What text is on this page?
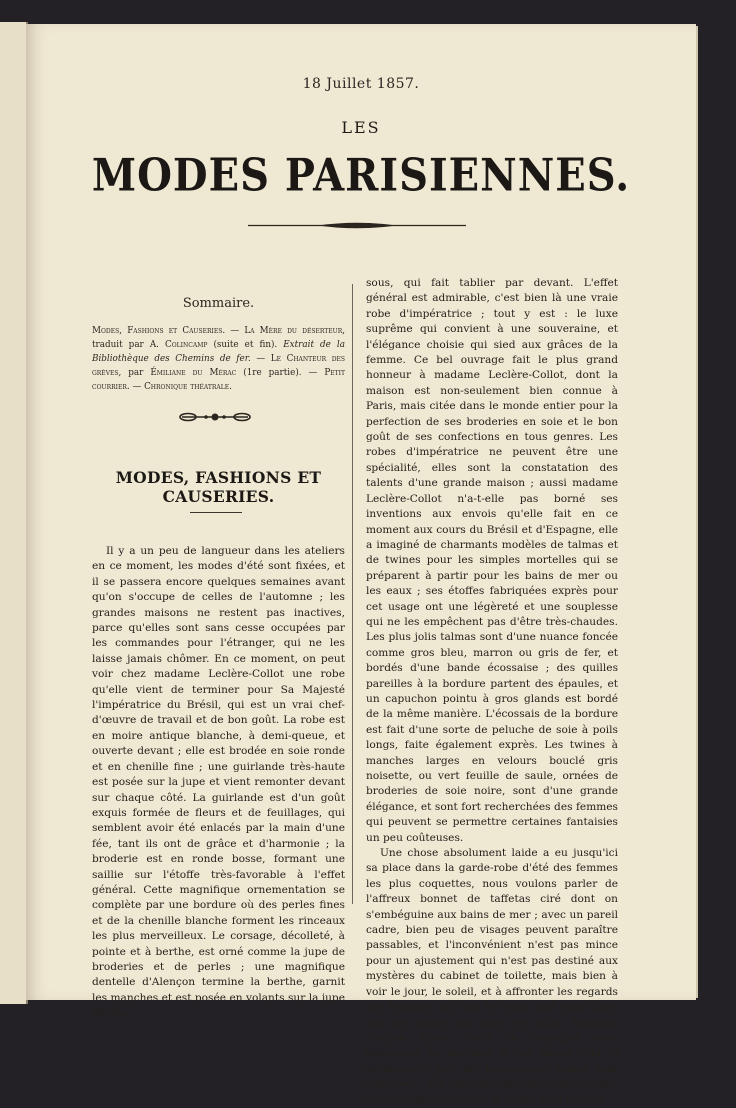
18 Juillet 1857.
LES
MODES PARISIENNES.
Sommaire.
Modes, Fashions et Causeries. — La Mère du déserteur, traduit par A. Colincamp (suite et fin). Extrait de la Bibliothèque des Chemins de fer. — Le Chanteur des grèves, par Émiliane du Mérac (1re partie). — Petit courrier. — Chronique théatrale.
MODES, FASHIONS ET CAUSERIES.

Il y a un peu de langueur dans les ateliers en ce moment, les modes d'été sont fixées, et il se passera encore quelques semaines avant qu'on s'occupe de celles de l'automne ; les grandes maisons ne restent pas inactives, parce qu'elles sont sans cesse occupées par les commandes pour l'étranger, qui ne les laisse jamais chômer. En ce moment, on peut voir chez madame Leclère-Collot une robe qu'elle vient de terminer pour Sa Majesté l'impératrice du Brésil, qui est un vrai chef-d'œuvre de travail et de bon goût. La robe est en moire antique blanche, à demi-queue, et ouverte devant ; elle est brodée en soie ronde et en chenille fine ; une guirlande très-haute est posée sur la jupe et vient remonter devant sur chaque côté. La guirlande est d'un goût exquis formée de fleurs et de feuillages, qui semblent avoir été enlacés par la main d'une fée, tant ils ont de grâce et d'harmonie ; la broderie est en ronde bosse, formant une saillie sur l'étoffe très-favorable à l'effet général. Cette magnifique ornementation se complète par une bordure où des perles fines et de la chenille blanche forment les rinceaux les plus merveilleux. Le corsage, décolleté, à pointe et à berthe, est orné comme la jupe de broderies et de perles ; une magnifique dentelle d'Alençon termine la berthe, garnit les manches et est posée en volants sur la jupe de des-

sous, qui fait tablier par devant. L'effet général est admirable, c'est bien là une vraie robe d'impératrice ; tout y est : le luxe suprême qui convient à une souveraine, et l'élégance choisie qui sied aux grâces de la femme. Ce bel ouvrage fait le plus grand honneur à madame Leclère-Collot, dont la maison est non-seulement bien connue à Paris, mais citée dans le monde entier pour la perfection de ses broderies en soie et le bon goût de ses confections en tous genres. Les robes d'impératrice ne peuvent être une spécialité, elles sont la constatation des talents d'une grande maison ; aussi madame Leclère-Collot n'a-t-elle pas borné ses inventions aux envois qu'elle fait en ce moment aux cours du Brésil et d'Espagne, elle a imaginé de charmants modèles de talmas et de twines pour les simples mortelles qui se préparent à partir pour les bains de mer ou les eaux ; ses étoffes fabriquées exprès pour cet usage ont une légèreté et une souplesse qui ne les empêchent pas d'être très-chaudes. Les plus jolis talmas sont d'une nuance foncée comme gros bleu, marron ou gris de fer, et bordés d'une bande écossaise ; des quilles pareilles à la bordure partent des épaules, et un capuchon pointu à gros glands est bordé de la même manière. L'écossais de la bordure est fait d'une sorte de peluche de soie à poils longs, faite également exprès. Les twines à manches larges en velours bouclé gris noisette, ou vert feuille de saule, ornées de broderies de soie noire, sont d'une grande élégance, et sont fort recherchées des femmes qui peuvent se permettre certaines fantaisies un peu coûteuses.

Une chose absolument laide a eu jusqu'ici sa place dans la garde-robe d'été des femmes les plus coquettes, nous voulons parler de l'affreux bonnet de taffetas ciré dont on s'embéguine aux bains de mer ; avec un pareil cadre, bien peu de visages peuvent paraître passables, et l'inconvénient n'est pas mince pour un ajustement qui n'est pas destiné aux mystères du cabinet de toilette, mais bien à voir le jour, le soleil, et à affronter les regards des hommes, qui ont les yeux tout aussi bons sur une plage que dans un salon. Madame Pauline Royer vient de remédier avec beaucoup de bonheur à cet ennui subi si patiemment par les baigneuses depuis tant d'années ; elle fabrique de charmants résilles de lacet de laine ayant la forme d'un bonnet,
